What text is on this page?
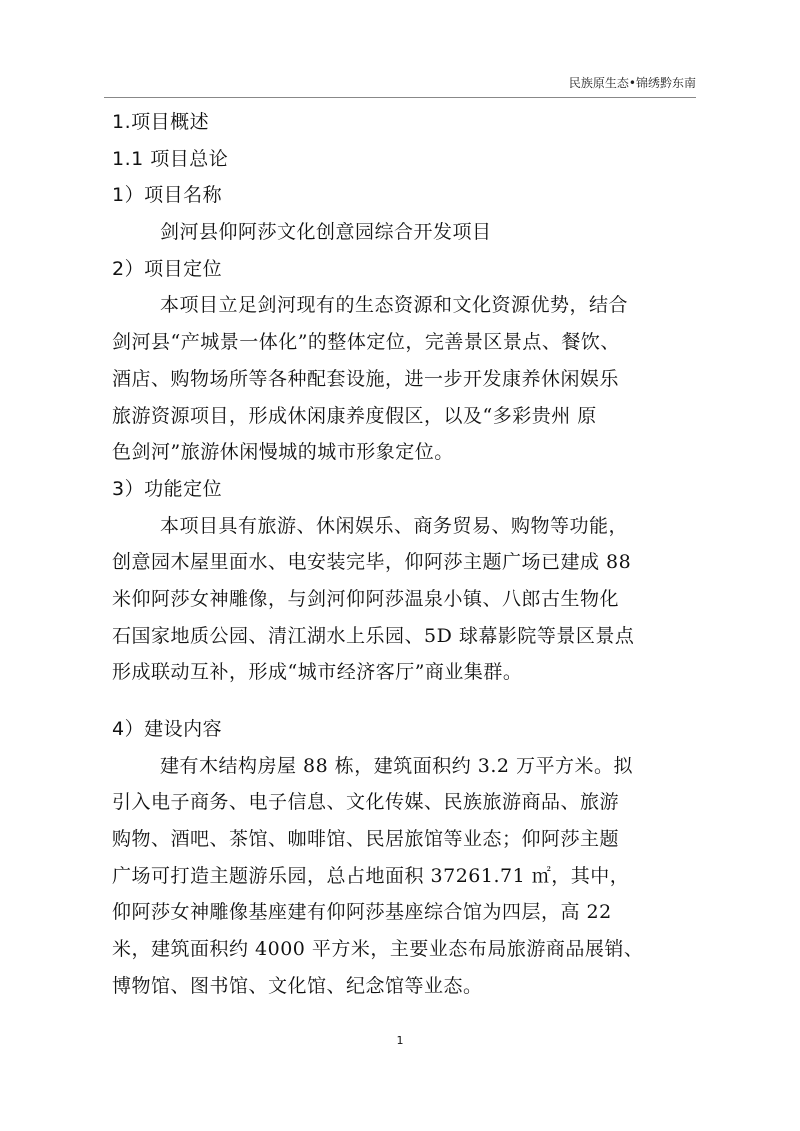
民族原生态•锦绣黔东南
1.项目概述
1.1 项目总论
1）项目名称
剑河县仰阿莎文化创意园综合开发项目
2）项目定位
本项目立足剑河现有的生态资源和文化资源优势，结合
剑河县“产城景一体化”的整体定位，完善景区景点、餐饮、
酒店、购物场所等各种配套设施，进一步开发康养休闲娱乐
旅游资源项目，形成休闲康养度假区，以及“多彩贵州 原
色剑河”旅游休闲慢城的城市形象定位。
3）功能定位
本项目具有旅游、休闲娱乐、商务贸易、购物等功能，
创意园木屋里面水、电安装完毕，仰阿莎主题广场已建成 88
米仰阿莎女神雕像，与剑河仰阿莎温泉小镇、八郎古生物化
石国家地质公园、清江湖水上乐园、5D 球幕影院等景区景点
形成联动互补，形成“城市经济客厅”商业集群。
4）建设内容
建有木结构房屋 88 栋，建筑面积约 3.2 万平方米。拟
引入电子商务、电子信息、文化传媒、民族旅游商品、旅游
购物、酒吧、茶馆、咖啡馆、民居旅馆等业态；仰阿莎主题
广场可打造主题游乐园，总占地面积 37261.71 ㎡，其中，
仰阿莎女神雕像基座建有仰阿莎基座综合馆为四层，高 22
米，建筑面积约 4000 平方米，主要业态布局旅游商品展销、
博物馆、图书馆、文化馆、纪念馆等业态。
1
